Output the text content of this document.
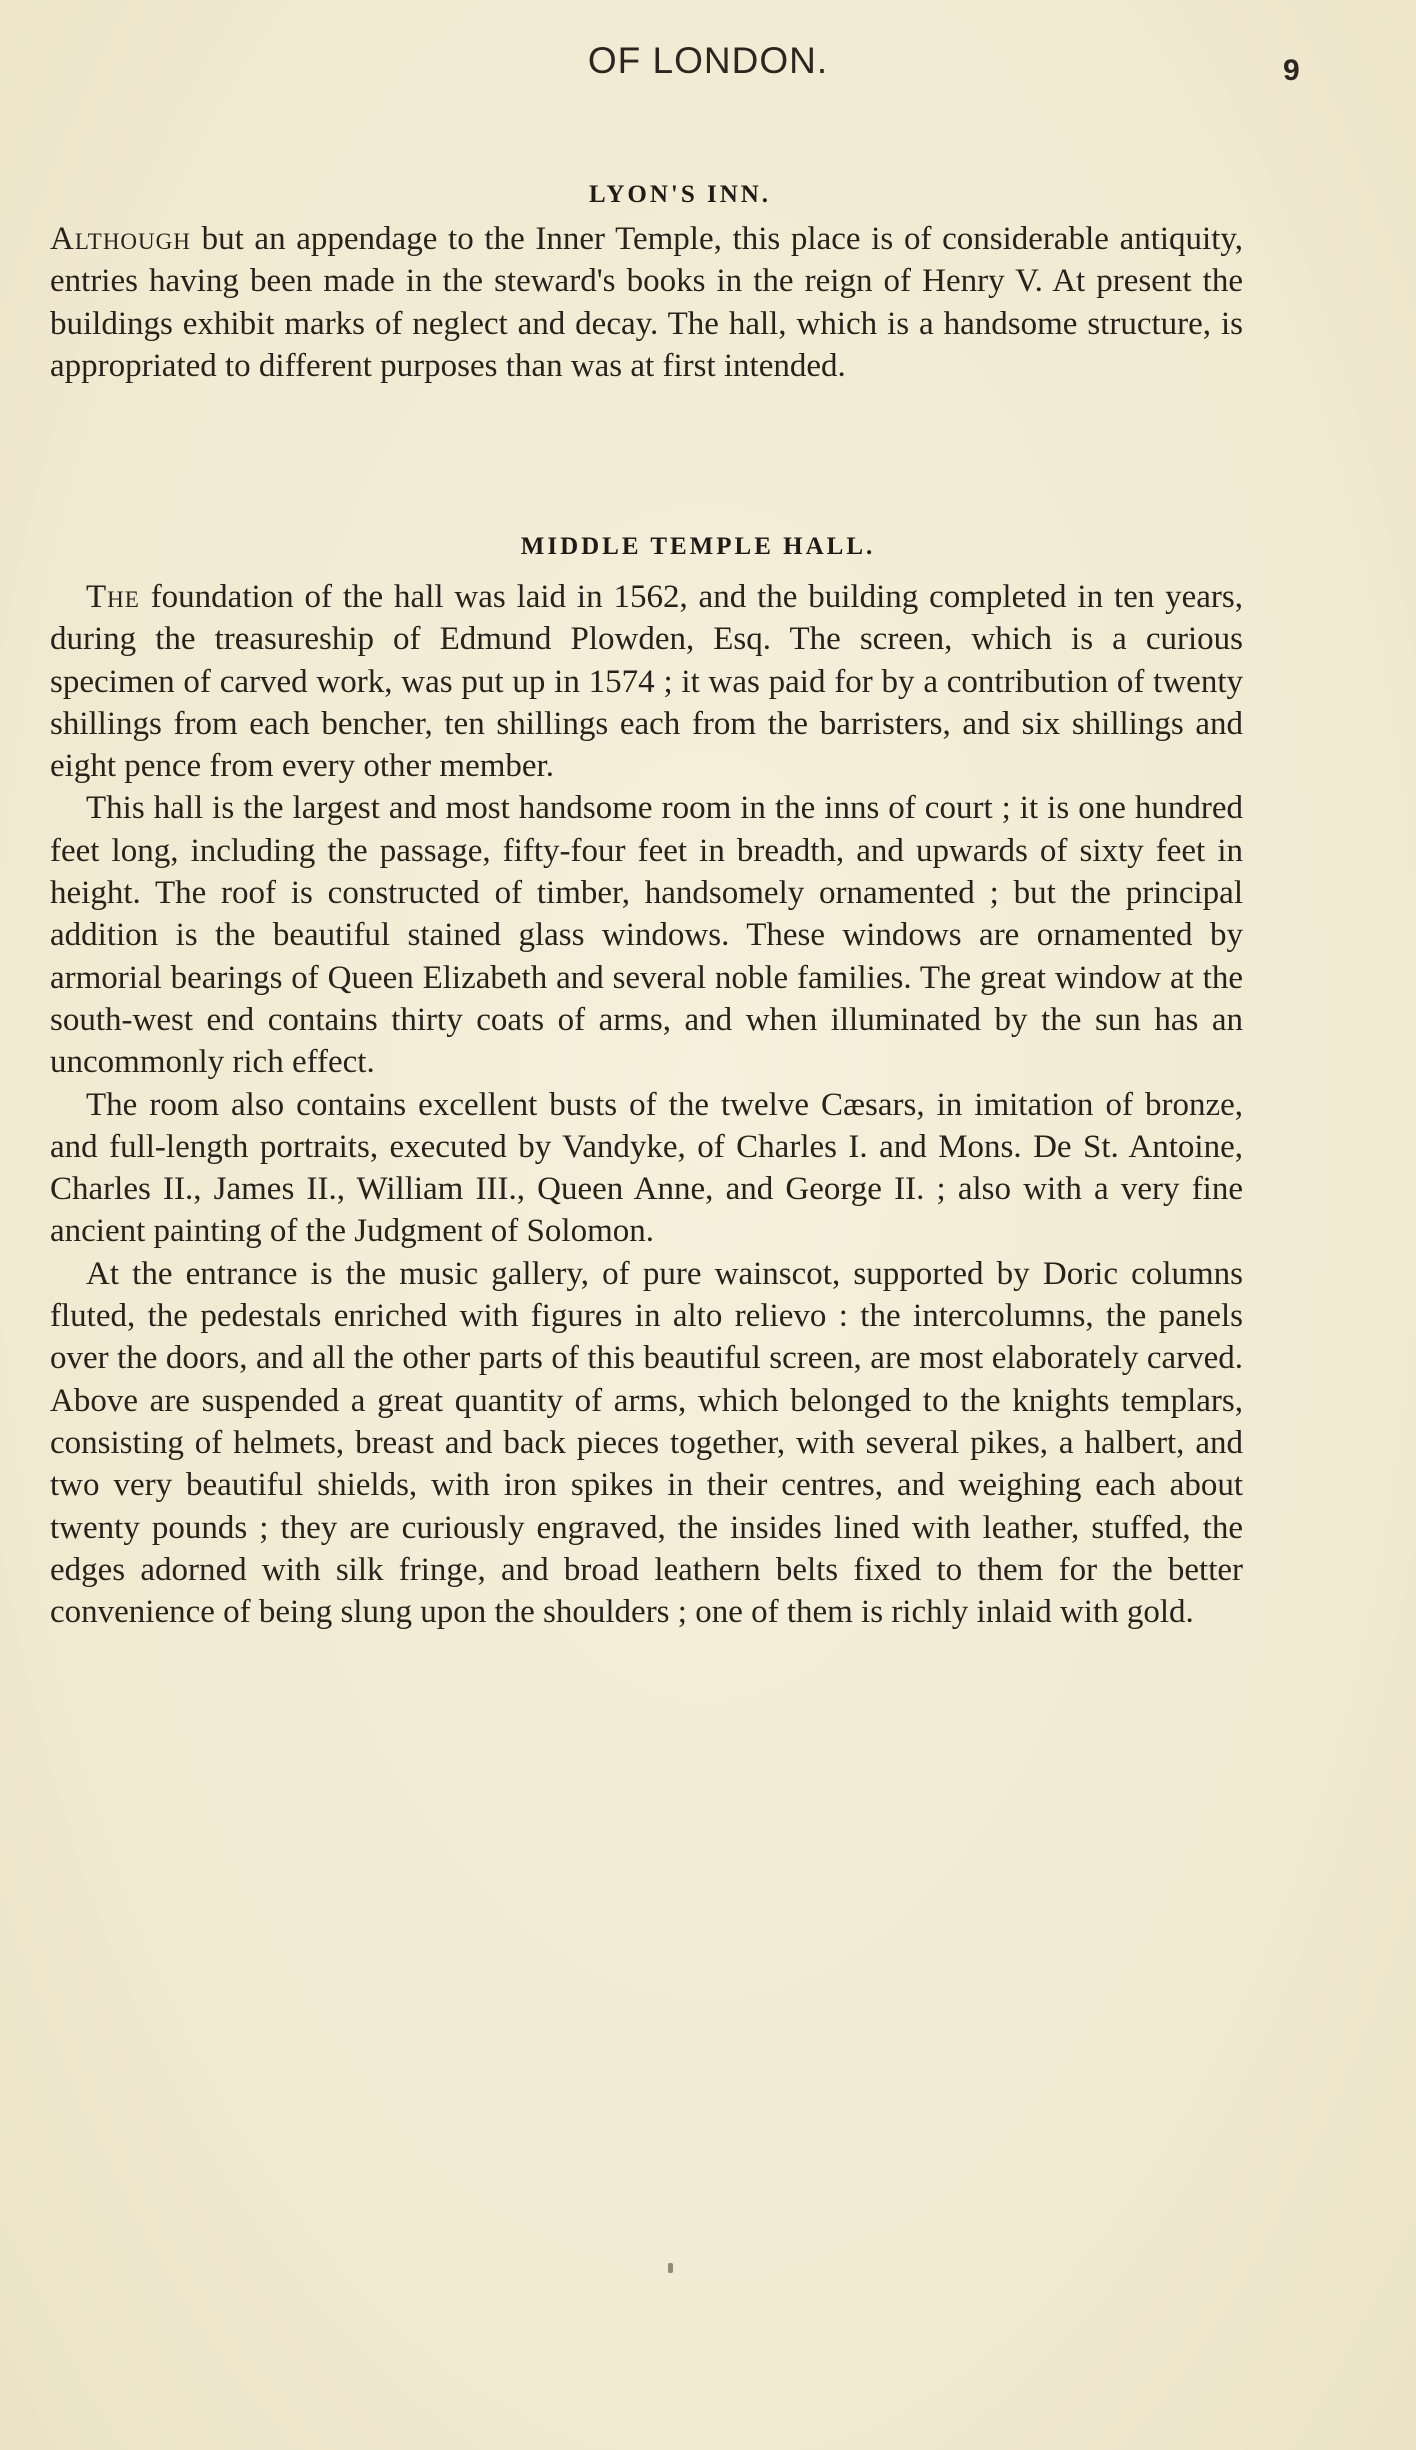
OF LONDON.	9
LYON'S INN.

Although but an appendage to the Inner Temple, this place is of considerable antiquity, entries having been made in the steward's books in the reign of Henry V. At present the buildings exhibit marks of neglect and decay. The hall, which is a handsome structure, is appropriated to different purposes than was at first intended.

MIDDLE TEMPLE HALL.

The foundation of the hall was laid in 1562, and the building completed in ten years, during the treasureship of Edmund Plowden, Esq. The screen, which is a curious specimen of carved work, was put up in 1574 ; it was paid for by a contribution of twenty shillings from each bencher, ten shillings each from the barristers, and six shillings and eight pence from every other member.

This hall is the largest and most handsome room in the inns of court ; it is one hundred feet long, including the passage, fifty-four feet in breadth, and upwards of sixty feet in height. The roof is constructed of timber, handsomely ornamented ; but the principal addition is the beautiful stained glass windows. These windows are ornamented by armorial bearings of Queen Elizabeth and several noble families. The great window at the south-west end contains thirty coats of arms, and when illuminated by the sun has an uncommonly rich effect.

The room also contains excellent busts of the twelve Cæsars, in imitation of bronze, and full-length portraits, executed by Vandyke, of Charles I. and Mons. De St. Antoine, Charles II., James II., William III., Queen Anne, and George II. ; also with a very fine ancient painting of the Judgment of Solomon.

At the entrance is the music gallery, of pure wainscot, supported by Doric columns fluted, the pedestals enriched with figures in alto relievo : the intercolumns, the panels over the doors, and all the other parts of this beautiful screen, are most elaborately carved. Above are suspended a great quantity of arms, which belonged to the knights templars, consisting of helmets, breast and back pieces together, with several pikes, a halbert, and two very beautiful shields, with iron spikes in their centres, and weighing each about twenty pounds ; they are curiously engraved, the insides lined with leather, stuffed, the edges adorned with silk fringe, and broad leathern belts fixed to them for the better convenience of being slung upon the shoulders ; one of them is richly inlaid with gold.
